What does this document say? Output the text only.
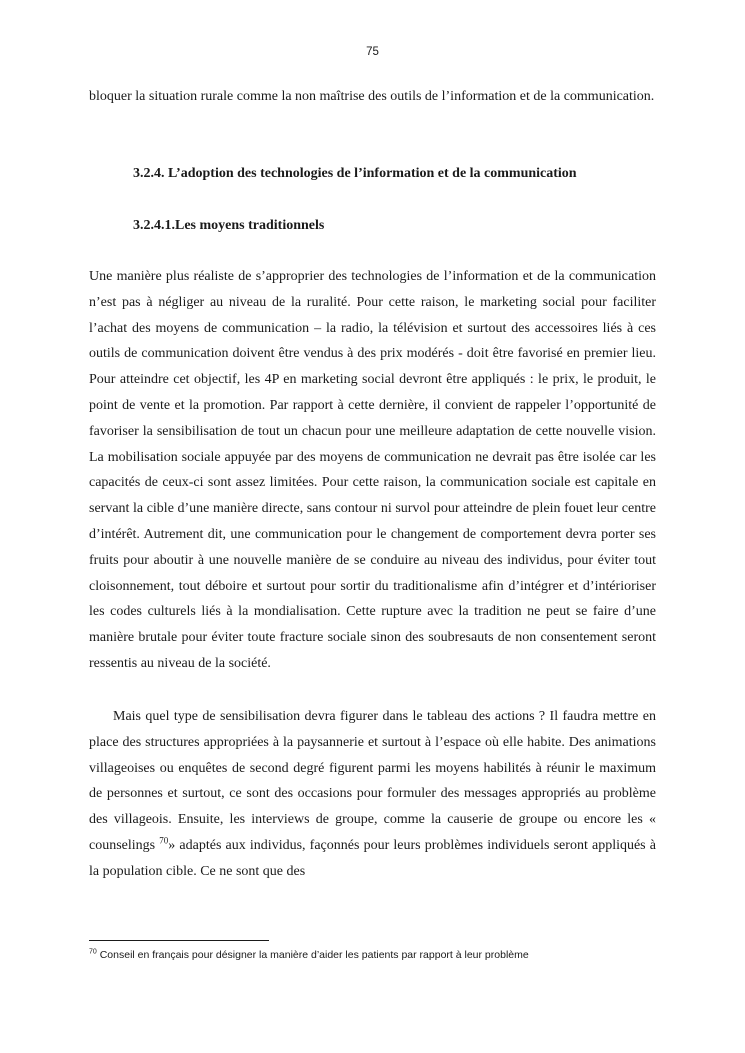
75

bloquer la situation rurale comme la non maîtrise des outils de l’information et de la communication.

3.2.4. L’adoption des technologies de l’information et de la communication
3.2.4.1.Les moyens traditionnels

Une manière plus réaliste de s’approprier des technologies de l’information et de la communication n’est pas à négliger au niveau de la ruralité. Pour cette raison, le marketing social pour faciliter l’achat des moyens de communication – la radio, la télévision et surtout des accessoires liés à ces outils de communication doivent être vendus à des prix modérés - doit être favorisé en premier lieu. Pour atteindre cet objectif, les 4P en marketing social devront être appliqués : le prix, le produit, le point de vente et la promotion. Par rapport à cette dernière, il convient de rappeler l’opportunité de favoriser la sensibilisation de tout un chacun pour une meilleure adaptation de cette nouvelle vision. La mobilisation sociale appuyée par des moyens de communication ne devrait pas être isolée car les capacités de ceux-ci sont assez limitées. Pour cette raison, la communication sociale est capitale en servant la cible d’une manière directe, sans contour ni survol pour atteindre de plein fouet leur centre d’intérêt. Autrement dit, une communication pour le changement de comportement devra porter ses fruits pour aboutir à une nouvelle manière de se conduire au niveau des individus, pour éviter tout cloisonnement, tout déboire et surtout pour sortir du traditionalisme afin d’intégrer et d’intérioriser les codes culturels liés à la mondialisation. Cette rupture avec la tradition ne peut se faire d’une manière brutale pour éviter toute fracture sociale sinon des soubresauts de non consentement seront ressentis au niveau de la société.

Mais quel type de sensibilisation devra figurer dans le tableau des actions ? Il faudra mettre en place des structures appropriées à la paysannerie et surtout à l’espace où elle habite. Des animations villageoises ou enquêtes de second degré figurent parmi les moyens habilités à réunir le maximum de personnes et surtout, ce sont des occasions pour formuler des messages appropriés au problème des villageois. Ensuite, les interviews de groupe, comme la causerie de groupe ou encore les « counselings $^{70}$» adaptés aux individus, façonnés pour leurs problèmes individuels seront appliqués à la population cible. Ce ne sont que des

$^{70}$ Conseil en français pour désigner la manière d’aider les patients par rapport à leur problème
